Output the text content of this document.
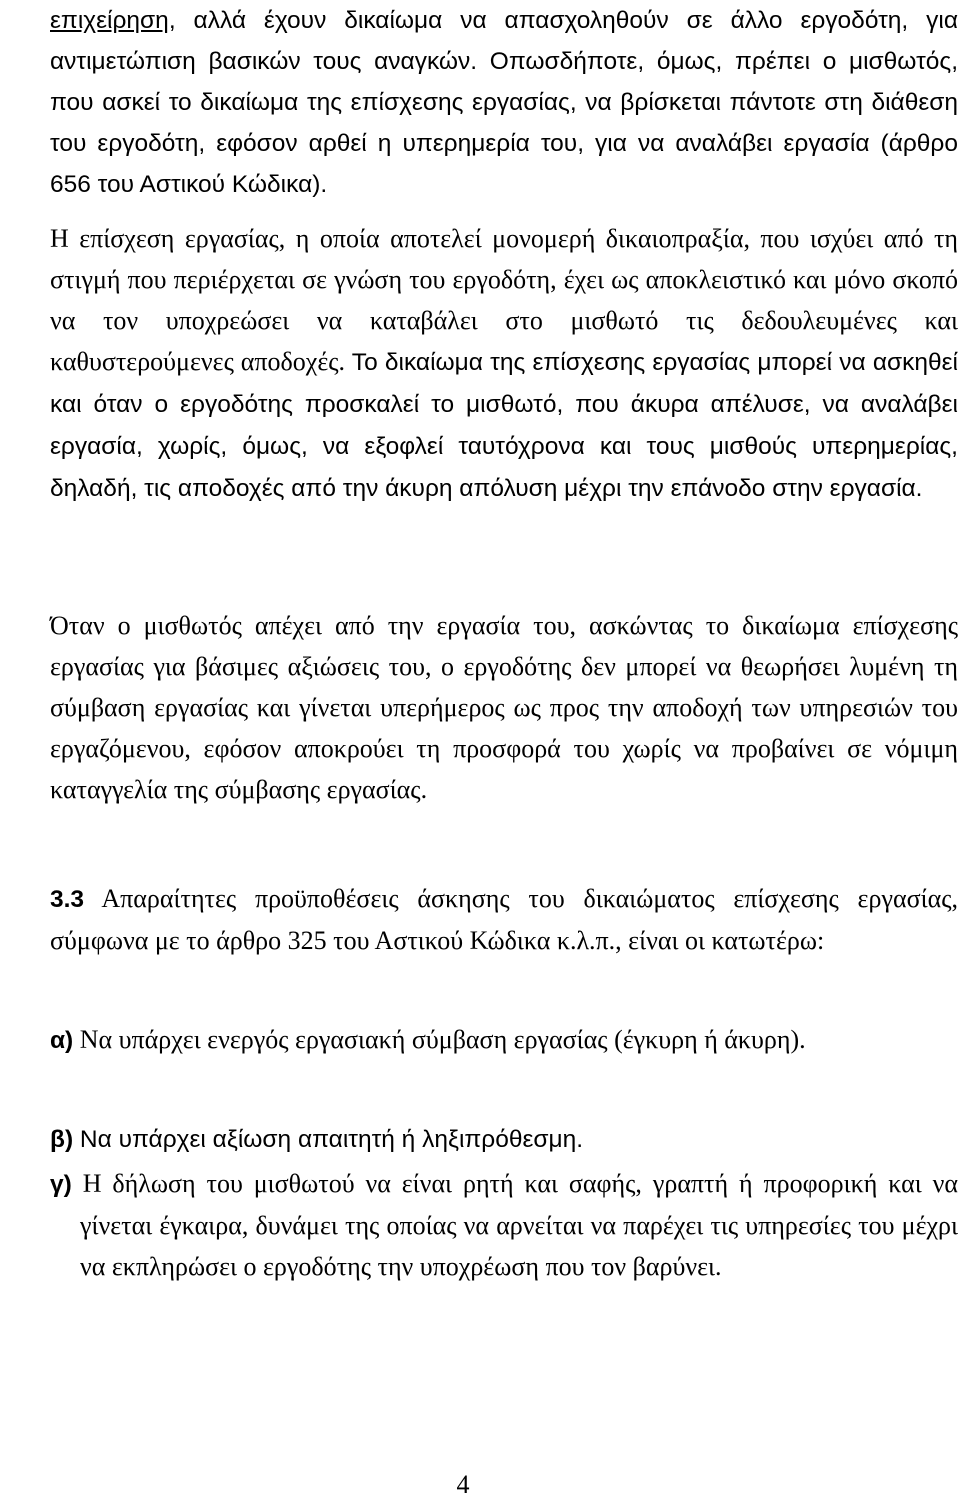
επιχείρηση, αλλά έχουν δικαίωμα να απασχοληθούν σε άλλο εργοδότη, για αντιμετώπιση βασικών τους αναγκών. Οπωσδήποτε, όμως, πρέπει ο μισθωτός, που ασκεί το δικαίωμα της επίσχεσης εργασίας, να βρίσκεται πάντοτε στη διάθεση του εργοδότη, εφόσον αρθεί η υπερημερία του, για να αναλάβει εργασία (άρθρο 656 του Αστικού Κώδικα).

Η επίσχεση εργασίας, η οποία αποτελεί μονομερή δικαιοπραξία, που ισχύει από τη στιγμή που περιέρχεται σε γνώση του εργοδότη, έχει ως αποκλειστικό και μόνο σκοπό να τον υποχρεώσει να καταβάλει στο μισθωτό τις δεδουλευμένες και καθυστερούμενες αποδοχές. Το δικαίωμα της επίσχεσης εργασίας μπορεί να ασκηθεί και όταν ο εργοδότης προσκαλεί το μισθωτό, που άκυρα απέλυσε, να αναλάβει εργασία, χωρίς, όμως, να εξοφλεί ταυτόχρονα και τους μισθούς υπερημερίας, δηλαδή, τις αποδοχές από την άκυρη απόλυση μέχρι την επάνοδο στην εργασία.

Όταν ο μισθωτός απέχει από την εργασία του, ασκώντας το δικαίωμα επίσχεσης εργασίας για βάσιμες αξιώσεις του, ο εργοδότης δεν μπορεί να θεωρήσει λυμένη τη σύμβαση εργασίας και γίνεται υπερήμερος ως προς την αποδοχή των υπηρεσιών του εργαζόμενου, εφόσον αποκρούει τη προσφορά του χωρίς να προβαίνει σε νόμιμη καταγγελία της σύμβασης εργασίας.

3.3 Απαραίτητες προϋποθέσεις άσκησης του δικαιώματος επίσχεσης εργασίας, σύμφωνα με το άρθρο 325 του Αστικού Κώδικα κ.λ.π., είναι οι κατωτέρω:

α) Να υπάρχει ενεργός εργασιακή σύμβαση εργασίας (έγκυρη ή άκυρη).

β) Να υπάρχει αξίωση απαιτητή ή ληξιπρόθεσμη.

γ) Η δήλωση του μισθωτού να είναι ρητή και σαφής, γραπτή ή προφορική και να γίνεται έγκαιρα, δυνάμει της οποίας να αρνείται να παρέχει τις υπηρεσίες του μέχρι να εκπληρώσει ο εργοδότης την υποχρέωση που τον βαρύνει.

4
